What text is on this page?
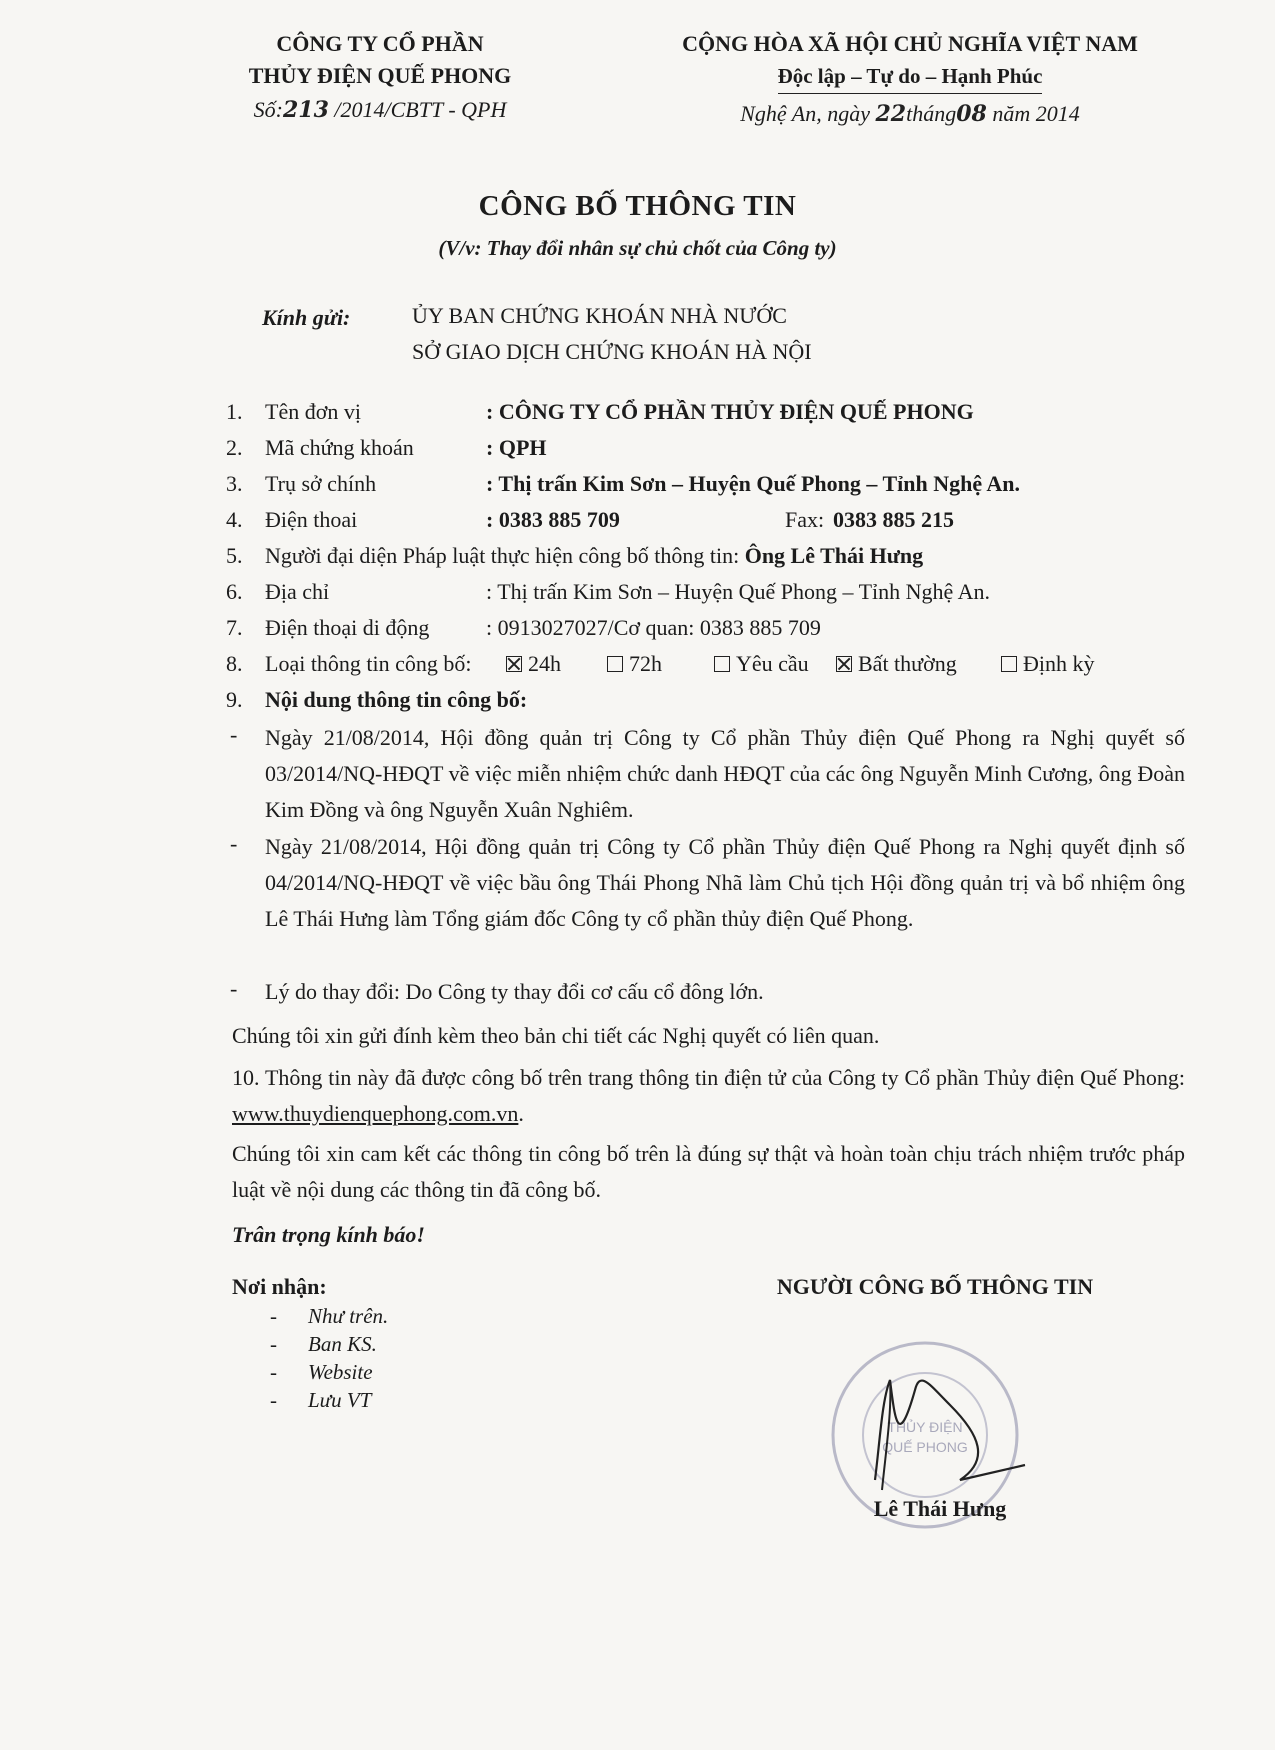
CÔNG TY CỔ PHẦN
THỦY ĐIỆN QUẾ PHONG
Số:213 /2014/CBTT - QPH
CỘNG HÒA XÃ HỘI CHỦ NGHĨA VIỆT NAM
Độc lập – Tự do – Hạnh Phúc
Nghệ An, ngày 22tháng08 năm 2014
CÔNG BỐ THÔNG TIN
(V/v: Thay đổi nhân sự chủ chốt của Công ty)
Kính gửi:	ỦY BAN CHỨNG KHOÁN NHÀ NƯỚC
SỞ GIAO DỊCH CHỨNG KHOÁN HÀ NỘI
1. Tên đơn vị	: CÔNG TY CỔ PHẦN THỦY ĐIỆN QUẾ PHONG
2. Mã chứng khoán	: QPH
3. Trụ sở chính	: Thị trấn Kim Sơn – Huyện Quế Phong – Tỉnh Nghệ An.
4. Điện thoai	: 0383 885 709	Fax: 0383 885 215
5. Người đại diện Pháp luật thực hiện công bố thông tin: Ông Lê Thái Hưng
6. Địa chỉ	: Thị trấn Kim Sơn – Huyện Quế Phong – Tỉnh Nghệ An.
7. Điện thoại di động	: 0913027027/Cơ quan: 0383 885 709
8. Loại thông tin công bố:	24h	72h	Yêu cầu	Bất thường	Định kỳ
9. Nội dung thông tin công bố:
- Ngày 21/08/2014, Hội đồng quản trị Công ty Cổ phần Thủy điện Quế Phong ra Nghị quyết số 03/2014/NQ-HĐQT về việc miễn nhiệm chức danh HĐQT của các ông Nguyễn Minh Cương, ông Đoàn Kim Đồng và ông Nguyễn Xuân Nghiêm.
- Ngày 21/08/2014, Hội đồng quản trị Công ty Cổ phần Thủy điện Quế Phong ra Nghị quyết định số 04/2014/NQ-HĐQT về việc bầu ông Thái Phong Nhã làm Chủ tịch Hội đồng quản trị và bổ nhiệm ông Lê Thái Hưng làm Tổng giám đốc Công ty cổ phần thủy điện Quế Phong.
- Lý do thay đổi: Do Công ty thay đổi cơ cấu cổ đông lớn.
Chúng tôi xin gửi đính kèm theo bản chi tiết các Nghị quyết có liên quan.
10. Thông tin này đã được công bố trên trang thông tin điện tử của Công ty Cổ phần Thủy điện Quế Phong: www.thuydienquephong.com.vn.
Chúng tôi xin cam kết các thông tin công bố trên là đúng sự thật và hoàn toàn chịu trách nhiệm trước pháp luật về nội dung các thông tin đã công bố.
Trân trọng kính báo!
Nơi nhận:
- Như trên.
- Ban KS.
- Website
- Lưu VT
NGƯỜI CÔNG BỐ THÔNG TIN
THỦY ĐIỆN
QUẾ PHONG
Lê Thái Hưng
